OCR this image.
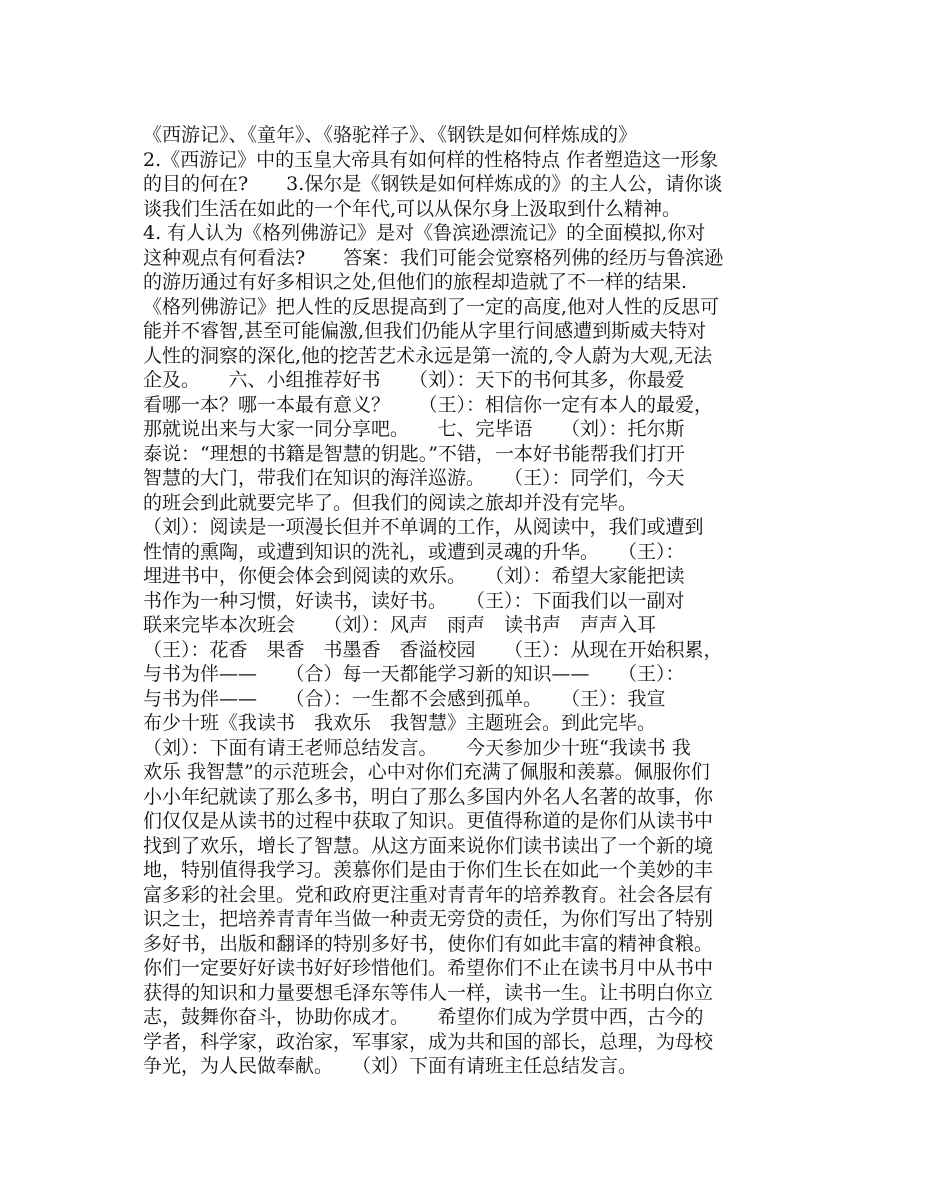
《西游记》、《童年》、《骆驼祥子》、《钢铁是如何样炼成的》
2.《西游记》中的玉皇大帝具有如何样的性格特点 作者塑造这一形象
的目的何在?　　3.保尔是《钢铁是如何样炼成的》的主人公，请你谈
谈我们生活在如此的一个年代,可以从保尔身上汲取到什么精神。
4. 有人认为《格列佛游记》是对《鲁滨逊漂流记》的全面模拟,你对
这种观点有何看法?　　答案：我们可能会觉察格列佛的经历与鲁滨逊
的游历通过有好多相识之处,但他们的旅程却造就了不一样的结果.
《格列佛游记》把人性的反思提高到了一定的高度,他对人性的反思可
能并不睿智,甚至可能偏激,但我们仍能从字里行间感遭到斯威夫特对
人性的洞察的深化,他的挖苦艺术永远是第一流的,令人蔚为大观,无法
企及。　　六、小组推荐好书　　（刘）：天下的书何其多，你最爱
看哪一本？哪一本最有意义？　　（王）：相信你一定有本人的最爱，
那就说出来与大家一同分享吧。　　七、完毕语　　（刘）：托尔斯
泰说：“理想的书籍是智慧的钥匙。”不错，一本好书能帮我们打开
智慧的大门，带我们在知识的海洋巡游。　　（王）：同学们，今天
的班会到此就要完毕了。但我们的阅读之旅却并没有完毕。
（刘）：阅读是一项漫长但并不单调的工作，从阅读中，我们或遭到
性情的熏陶，或遭到知识的洗礼，或遭到灵魂的升华。　　（王）：
埋进书中，你便会体会到阅读的欢乐。　　（刘）：希望大家能把读
书作为一种习惯，好读书，读好书。　　（王）：下面我们以一副对
联来完毕本次班会　　（刘）：风声　雨声　读书声　声声入耳
（王）：花香　果香　书墨香　香溢校园　　（王）：从现在开始积累，
与书为伴——　　（合）每一天都能学习新的知识——　　（王）：
与书为伴——　　（合）：一生都不会感到孤单。　　（王）：我宣
布少十班《我读书　我欢乐　我智慧》主题班会。到此完毕。
（刘）：下面有请王老师总结发言。　　今天参加少十班“我读书 我
欢乐 我智慧”的示范班会，心中对你们充满了佩服和羡慕。佩服你们
小小年纪就读了那么多书，明白了那么多国内外名人名著的故事，你
们仅仅是从读书的过程中获取了知识。更值得称道的是你们从读书中
找到了欢乐，增长了智慧。从这方面来说你们读书读出了一个新的境
地，特别值得我学习。羡慕你们是由于你们生长在如此一个美妙的丰
富多彩的社会里。党和政府更注重对青青年的培养教育。社会各层有
识之士，把培养青青年当做一种责无旁贷的责任，为你们写出了特别
多好书，出版和翻译的特别多好书，使你们有如此丰富的精神食粮。
你们一定要好好读书好好珍惜他们。希望你们不止在读书月中从书中
获得的知识和力量要想毛泽东等伟人一样，读书一生。让书明白你立
志，鼓舞你奋斗，协助你成才。　　希望你们成为学贯中西，古今的
学者，科学家，政治家，军事家，成为共和国的部长，总理，为母校
争光，为人民做奉献。　　（刘）下面有请班主任总结发言。
